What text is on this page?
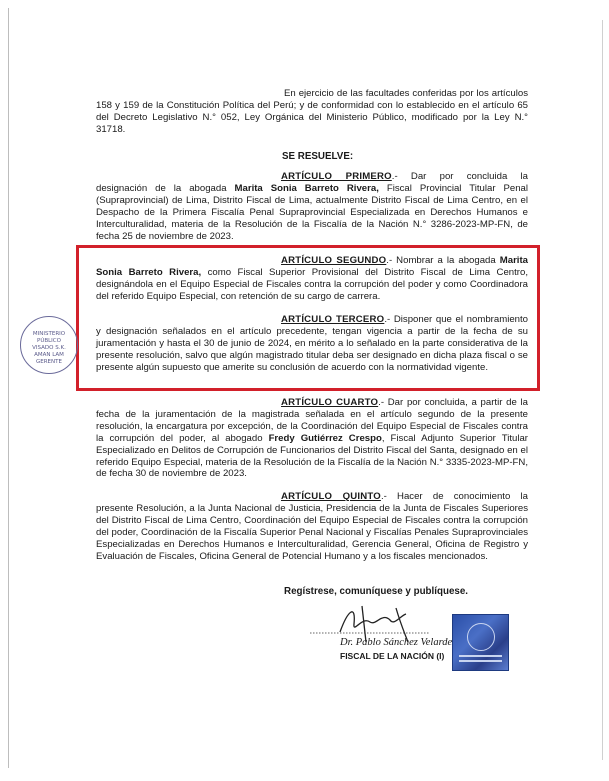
En ejercicio de las facultades conferidas por los artículos 158 y 159 de la Constitución Política del Perú; y de conformidad con lo establecido en el artículo 65 del Decreto Legislativo N.° 052, Ley Orgánica del Ministerio Público, modificado por la Ley N.° 31718.

SE RESUELVE:

ARTÍCULO PRIMERO.- Dar por concluida la designación de la abogada Marita Sonia Barreto Rivera, Fiscal Provincial Titular Penal (Supraprovincial) de Lima, Distrito Fiscal de Lima, actualmente Distrito Fiscal de Lima Centro, en el Despacho de la Primera Fiscalía Penal Supraprovincial Especializada en Derechos Humanos e Interculturalidad, materia de la Resolución de la Fiscalía de la Nación N.° 3286-2023-MP-FN, de fecha 25 de noviembre de 2023.

ARTÍCULO SEGUNDO.- Nombrar a la abogada Marita Sonia Barreto Rivera, como Fiscal Superior Provisional del Distrito Fiscal de Lima Centro, designándola en el Equipo Especial de Fiscales contra la corrupción del poder y como Coordinadora del referido Equipo Especial, con retención de su cargo de carrera.

ARTÍCULO TERCERO.- Disponer que el nombramiento y designación señalados en el artículo precedente, tengan vigencia a partir de la fecha de su juramentación y hasta el 30 de junio de 2024, en mérito a lo señalado en la parte considerativa de la presente resolución, salvo que algún magistrado titular deba ser designado en dicha plaza fiscal o se presente algún supuesto que amerite su conclusión de acuerdo con la normatividad vigente.

ARTÍCULO CUARTO.- Dar por concluida, a partir de la fecha de la juramentación de la magistrada señalada en el artículo segundo de la presente resolución, la encargatura por excepción, de la Coordinación del Equipo Especial de Fiscales contra la corrupción del poder, al abogado Fredy Gutiérrez Crespo, Fiscal Adjunto Superior Titular Especializado en Delitos de Corrupción de Funcionarios del Distrito Fiscal del Santa, designado en el referido Equipo Especial, materia de la Resolución de la Fiscalía de la Nación N.° 3335-2023-MP-FN, de fecha 30 de noviembre de 2023.

ARTÍCULO QUINTO.- Hacer de conocimiento la presente Resolución, a la Junta Nacional de Justicia, Presidencia de la Junta de Fiscales Superiores del Distrito Fiscal de Lima Centro, Coordinación del Equipo Especial de Fiscales contra la corrupción del poder, Coordinación de la Fiscalía Superior Penal Nacional y Fiscalías Penales Supraprovinciales Especializadas en Derechos Humanos e Interculturalidad, Gerencia General, Oficina de Registro y Evaluación de Fiscales, Oficina General de Potencial Humano y a los fiscales mencionados.

Regístrese, comuníquese y publíquese.
Dr. Pablo Sánchez Velarde
FISCAL DE LA NACIÓN (I)
MINISTERIO PÚBLICO VISADO S.K. AMAN LAM GERENTE
